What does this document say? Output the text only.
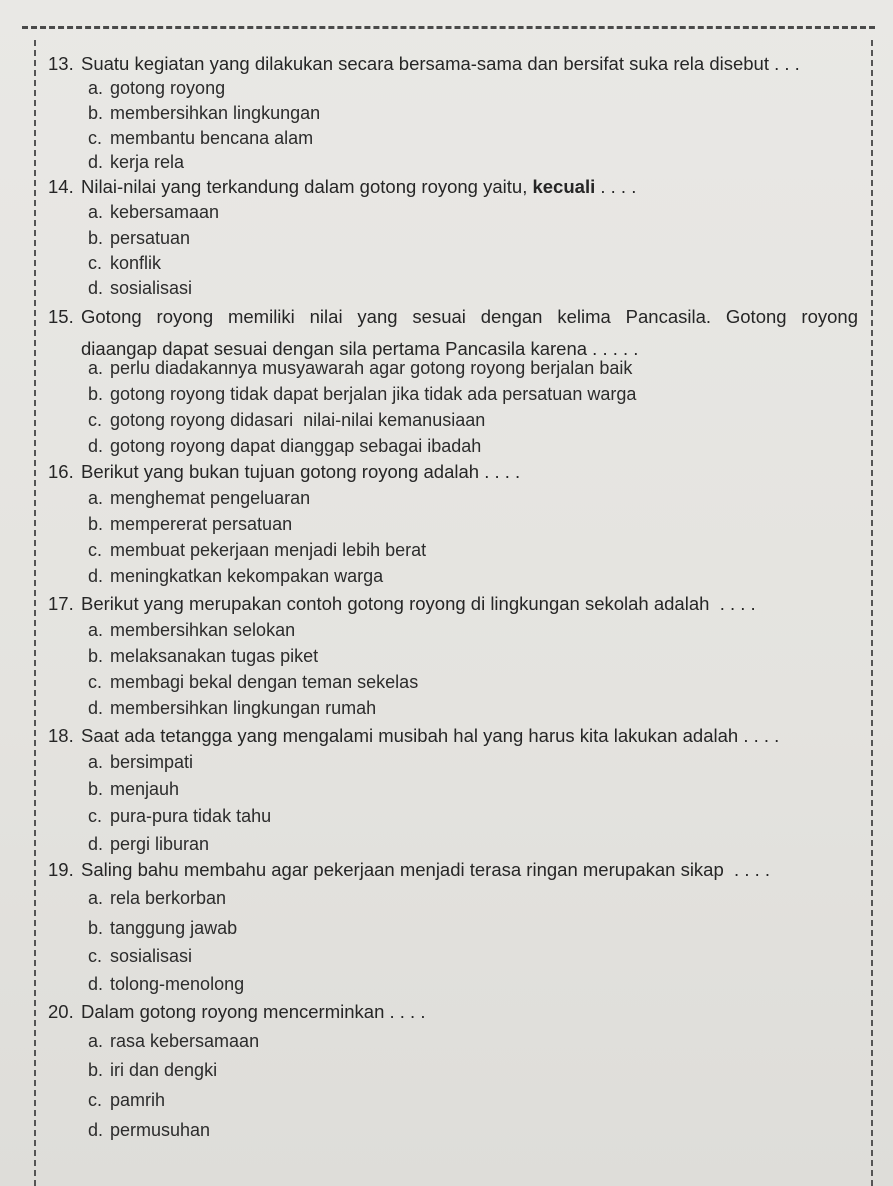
13. Suatu kegiatan yang dilakukan secara bersama-sama dan bersifat suka rela disebut . . .
a. gotong royong
b. membersihkan lingkungan
c. membantu bencana alam
d. kerja rela
14. Nilai-nilai yang terkandung dalam gotong royong yaitu, kecuali . . . .
a. kebersamaan
b. persatuan
c. konflik
d. sosialisasi
15. Gotong royong memiliki nilai yang sesuai dengan kelima Pancasila. Gotong royong
diaangap dapat sesuai dengan sila pertama Pancasila karena . . . . .
a. perlu diadakannya musyawarah agar gotong royong berjalan baik
b. gotong royong tidak dapat berjalan jika tidak ada persatuan warga
c. gotong royong didasari  nilai-nilai kemanusiaan
d. gotong royong dapat dianggap sebagai ibadah
16. Berikut yang bukan tujuan gotong royong adalah . . . .
a. menghemat pengeluaran
b. mempererat persatuan
c. membuat pekerjaan menjadi lebih berat
d. meningkatkan kekompakan warga
17. Berikut yang merupakan contoh gotong royong di lingkungan sekolah adalah  . . . .
a. membersihkan selokan
b. melaksanakan tugas piket
c. membagi bekal dengan teman sekelas
d. membersihkan lingkungan rumah
18. Saat ada tetangga yang mengalami musibah hal yang harus kita lakukan adalah . . . .
a. bersimpati
b. menjauh
c. pura-pura tidak tahu
d. pergi liburan
19. Saling bahu membahu agar pekerjaan menjadi terasa ringan merupakan sikap  . . . .
a. rela berkorban
b. tanggung jawab
c. sosialisasi
d. tolong-menolong
20. Dalam gotong royong mencerminkan . . . .
a. rasa kebersamaan
b. iri dan dengki
c. pamrih
d. permusuhan
